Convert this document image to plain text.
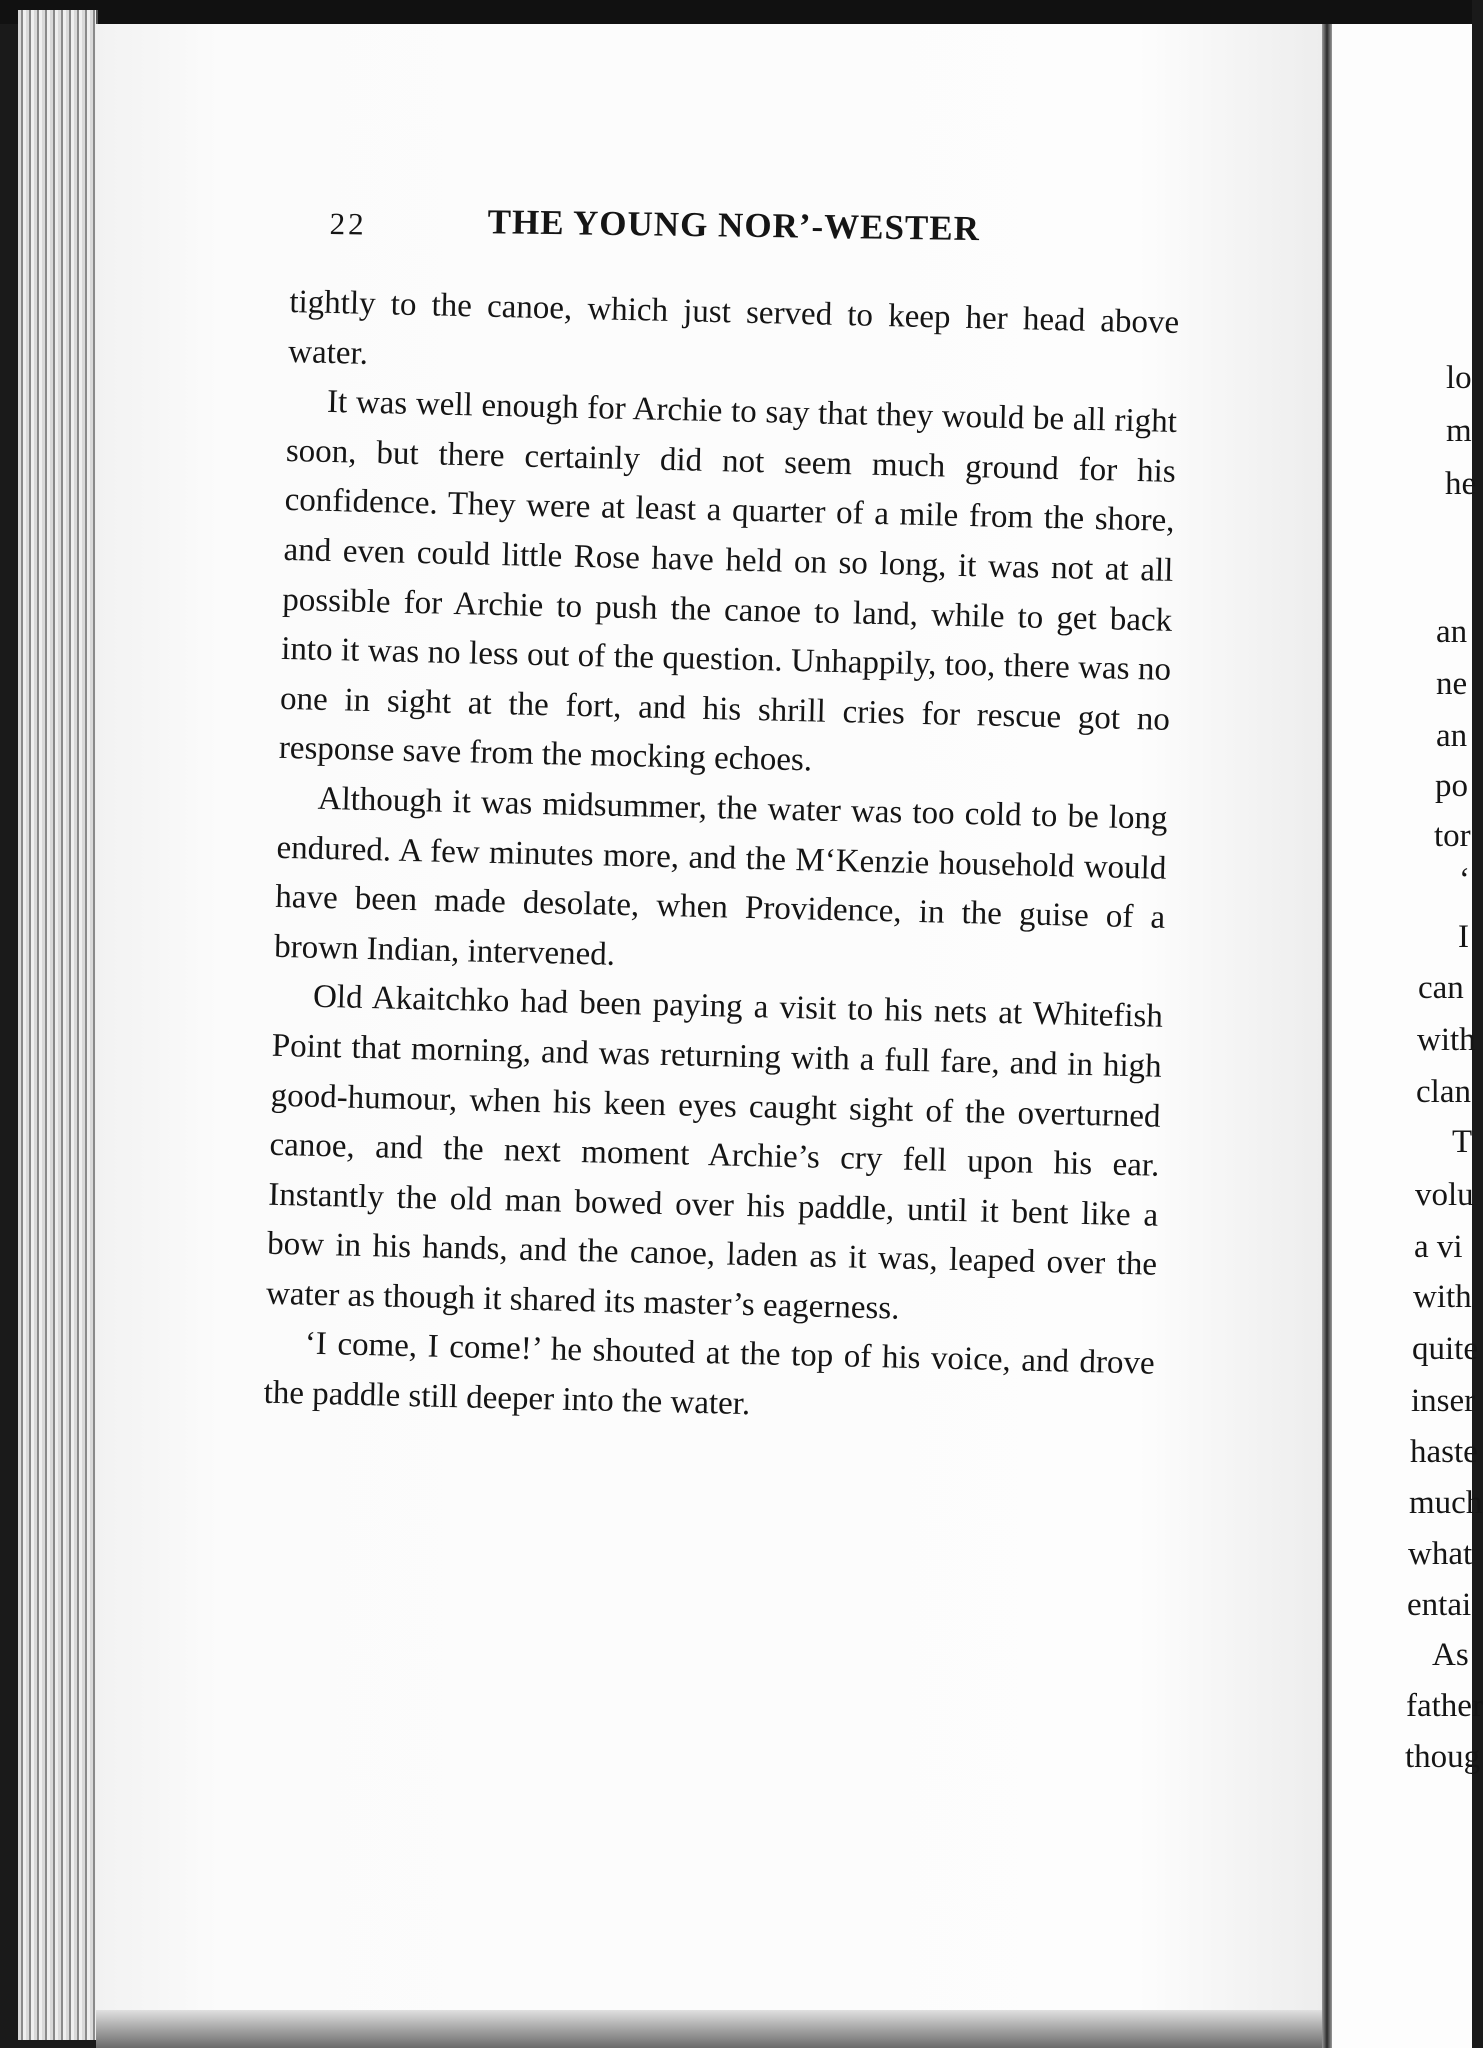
22	THE YOUNG NOR’-WESTER

tightly to the canoe, which just served to keep her head above water.

It was well enough for Archie to say that they would be all right soon, but there certainly did not seem much ground for his confidence. They were at least a quarter of a mile from the shore, and even could little Rose have held on so long, it was not at all possible for Archie to push the canoe to land, while to get back into it was no less out of the question. Unhappily, too, there was no one in sight at the fort, and his shrill cries for rescue got no response save from the mocking echoes.

Although it was midsummer, the water was too cold to be long endured. A few minutes more, and the M‘Kenzie household would have been made desolate, when Providence, in the guise of a brown Indian, intervened.

Old Akaitchko had been paying a visit to his nets at Whitefish Point that morning, and was returning with a full fare, and in high good-humour, when his keen eyes caught sight of the overturned canoe, and the next moment Archie’s cry fell upon his ear. Instantly the old man bowed over his paddle, until it bent like a bow in his hands, and the canoe, laden as it was, leaped over the water as though it shared its master’s eagerness.

‘I come, I come!’ he shouted at the top of his voice, and drove the paddle still deeper into the water.

lo
m
he
an
ne
an
po
tor
‘
I
can
with
clan
T
volu
a vi
with
quite
inser
haste
much
what
entai
As
father
thoug
